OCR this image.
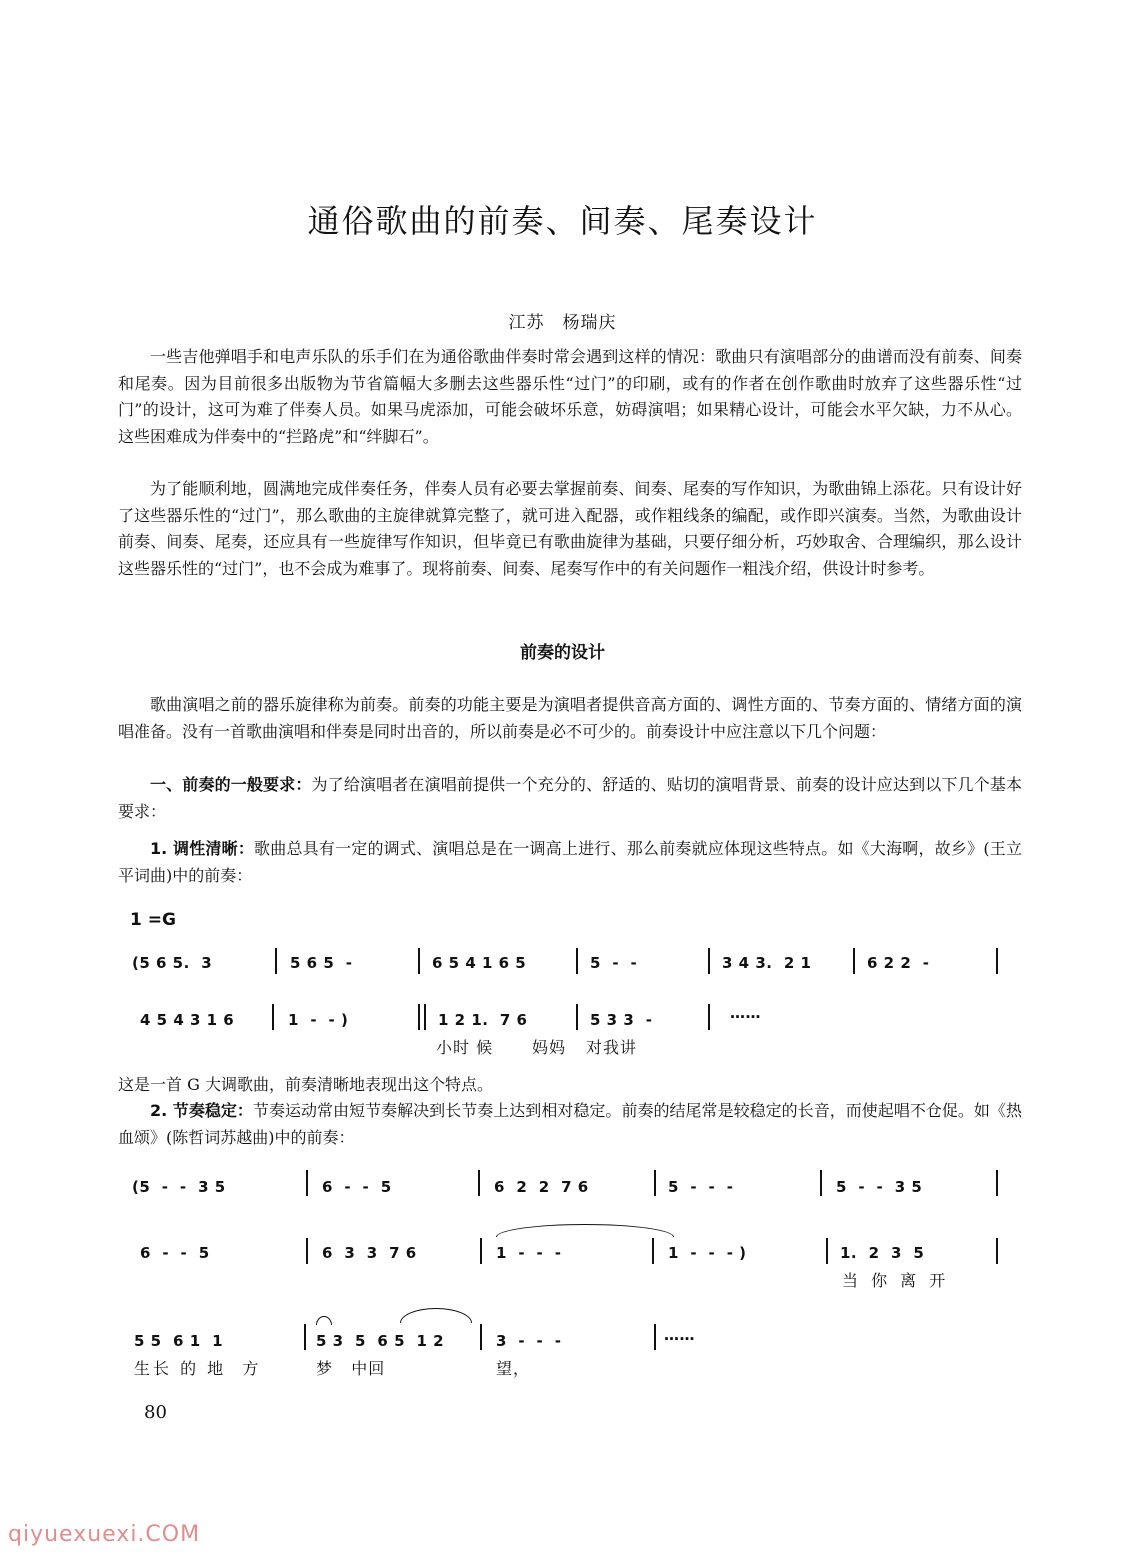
通俗歌曲的前奏、间奏、尾奏设计
江苏　杨瑞庆

一些吉他弹唱手和电声乐队的乐手们在为通俗歌曲伴奏时常会遇到这样的情况：歌曲只有演唱部分的曲谱而没有前奏、间奏和尾奏。因为目前很多出版物为节省篇幅大多删去这些器乐性“过门”的印刷，或有的作者在创作歌曲时放弃了这些器乐性“过门”的设计，这可为难了伴奏人员。如果马虎添加，可能会破坏乐意，妨碍演唱；如果精心设计，可能会水平欠缺，力不从心。这些困难成为伴奏中的“拦路虎”和“绊脚石”。

为了能顺利地，圆满地完成伴奏任务，伴奏人员有必要去掌握前奏、间奏、尾奏的写作知识，为歌曲锦上添花。只有设计好了这些器乐性的“过门”，那么歌曲的主旋律就算完整了，就可进入配器，或作粗线条的编配，或作即兴演奏。当然，为歌曲设计前奏、间奏、尾奏，还应具有一些旋律写作知识，但毕竟已有歌曲旋律为基础，只要仔细分析，巧妙取舍、合理编织，那么设计这些器乐性的“过门”，也不会成为难事了。现将前奏、间奏、尾奏写作中的有关问题作一粗浅介绍，供设计时参考。

前奏的设计

歌曲演唱之前的器乐旋律称为前奏。前奏的功能主要是为演唱者提供音高方面的、调性方面的、节奏方面的、情绪方面的演唱准备。没有一首歌曲演唱和伴奏是同时出音的，所以前奏是必不可少的。前奏设计中应注意以下几个问题：

一、前奏的一般要求：为了给演唱者在演唱前提供一个充分的、舒适的、贴切的演唱背景、前奏的设计应达到以下几个基本要求：

1. 调性清晰：歌曲总具有一定的调式、演唱总是在一调高上进行、那么前奏就应体现这些特点。如《大海啊，故乡》(王立平词曲)中的前奏：

1 =G
(5 6 5.  3	5 6 5  -	6 5 4 1 6 5	5  -  -	3 4 3.  2 1	6 2 2  -
4 5 4 3 1 6	1  -  - )	1 2 1.  7 6	5 3 3  -	……
小时 候 妈妈 对我讲

这是一首 G 大调歌曲，前奏清晰地表现出这个特点。

2. 节奏稳定：节奏运动常由短节奏解决到长节奏上达到相对稳定。前奏的结尾常是较稳定的长音，而使起唱不仓促。如《热血颂》(陈哲词苏越曲)中的前奏：

(5  -  -  3 5	6  -  -  5	6  2  2  7 6	5  -  -  -	5  -  -  3 5
6  -  -  5	6  3  3  7 6	1  -  -  -	1  -  -  - )	1.  2  3  5
当 你 离 开
5 5  6 1  1	5 3  5  6 5  1 2	3  -  -  -	……
生长 的 地  方	梦   中回	望，
80
qiyuexuexi.COM
